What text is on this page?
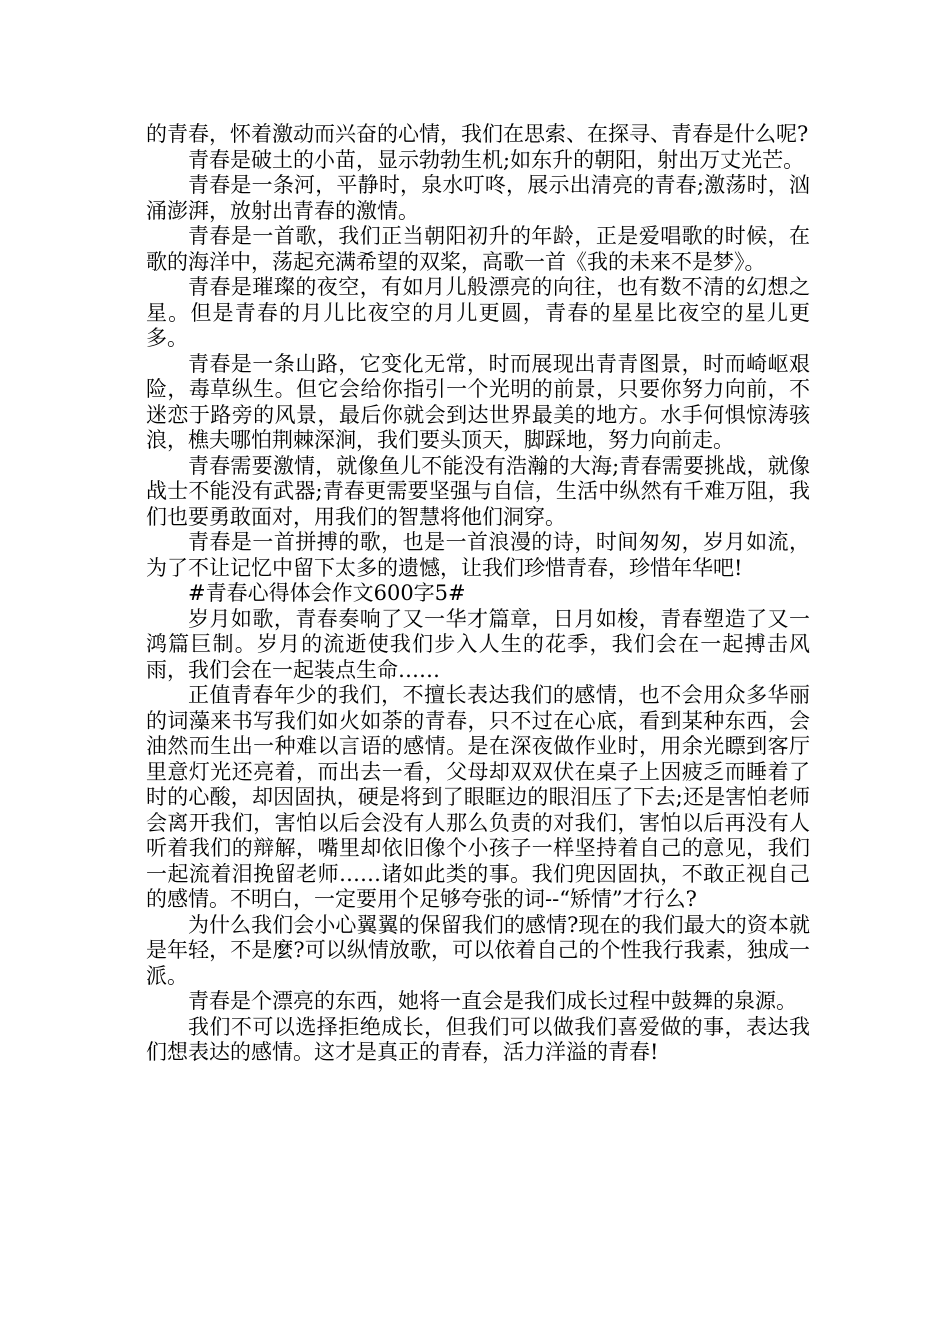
的青春，怀着激动而兴奋的心情，我们在思索、在探寻、青春是什么呢?

青春是破土的小苗，显示勃勃生机;如东升的朝阳，射出万丈光芒。

青春是一条河，平静时，泉水叮咚，展示出清亮的青春;激荡时，汹涌澎湃，放射出青春的激情。

青春是一首歌，我们正当朝阳初升的年龄，正是爱唱歌的时候，在歌的海洋中，荡起充满希望的双桨，高歌一首《我的未来不是梦》。

青春是璀璨的夜空，有如月儿般漂亮的向往，也有数不清的幻想之星。但是青春的月儿比夜空的月儿更圆，青春的星星比夜空的星儿更多。

青春是一条山路，它变化无常，时而展现出青青图景，时而崎岖艰险，毒草纵生。但它会给你指引一个光明的前景，只要你努力向前，不迷恋于路旁的风景，最后你就会到达世界最美的地方。水手何惧惊涛骇浪，樵夫哪怕荆棘深涧，我们要头顶天，脚踩地，努力向前走。

青春需要激情，就像鱼儿不能没有浩瀚的大海;青春需要挑战，就像战士不能没有武器;青春更需要坚强与自信，生活中纵然有千难万阻，我们也要勇敢面对，用我们的智慧将他们洞穿。

青春是一首拼搏的歌，也是一首浪漫的诗，时间匆匆，岁月如流，为了不让记忆中留下太多的遗憾，让我们珍惜青春，珍惜年华吧!

#青春心得体会作文600字5#

岁月如歌，青春奏响了又一华才篇章，日月如梭，青春塑造了又一鸿篇巨制。岁月的流逝使我们步入人生的花季，我们会在一起搏击风雨，我们会在一起装点生命……

正值青春年少的我们，不擅长表达我们的感情，也不会用众多华丽的词藻来书写我们如火如荼的青春，只不过在心底，看到某种东西，会油然而生出一种难以言语的感情。是在深夜做作业时，用余光瞟到客厅里意灯光还亮着，而出去一看，父母却双双伏在桌子上因疲乏而睡着了时的心酸，却因固执，硬是将到了眼眶边的眼泪压了下去;还是害怕老师会离开我们，害怕以后会没有人那么负责的对我们，害怕以后再没有人听着我们的辩解，嘴里却依旧像个小孩子一样坚持着自己的意见，我们一起流着泪挽留老师……诸如此类的事。我们兜因固执，不敢正视自己的感情。不明白，一定要用个足够夸张的词--“矫情”才行么?

为什么我们会小心翼翼的保留我们的感情?现在的我们最大的资本就是年轻，不是麼?可以纵情放歌，可以依着自己的个性我行我素，独成一派。

青春是个漂亮的东西，她将一直会是我们成长过程中鼓舞的泉源。

我们不可以选择拒绝成长，但我们可以做我们喜爱做的事，表达我们想表达的感情。这才是真正的青春，活力洋溢的青春!
